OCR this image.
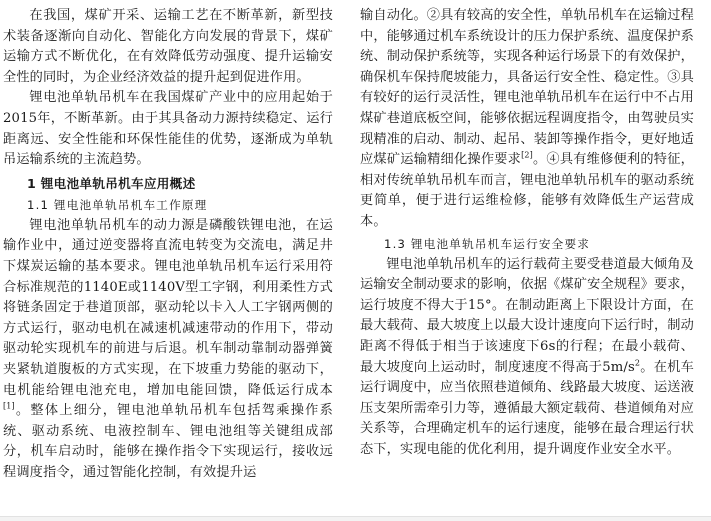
在我国，煤矿开采、运输工艺在不断革新，新型技术装备逐渐向自动化、智能化方向发展的背景下，煤矿运输方式不断优化，在有效降低劳动强度、提升运输安全性的同时，为企业经济效益的提升起到促进作用。

锂电池单轨吊机车在我国煤矿产业中的应用起始于2015年，不断革新。由于其具备动力源持续稳定、运行距离远、安全性能和环保性能佳的优势，逐渐成为单轨吊运输系统的主流趋势。

1 锂电池单轨吊机车应用概述
1.1 锂电池单轨吊机车工作原理

锂电池单轨吊机车的动力源是磷酸铁锂电池，在运输作业中，通过逆变器将直流电转变为交流电，满足井下煤炭运输的基本要求。锂电池单轨吊机车运行采用符合标准规范的1140E或1140V型工字钢，利用柔性方式将链条固定于巷道顶部，驱动轮以卡入人工字钢两侧的方式运行，驱动电机在减速机减速带动的作用下，带动驱动轮实现机车的前进与后退。机车制动靠制动器弹簧夹紧轨道腹板的方式实现，在下坡重力势能的驱动下，电机能给锂电池充电，增加电能回馈，降低运行成本[1]。整体上细分，锂电池单轨吊机车包括驾乘操作系统、驱动系统、电液控制车、锂电池组等关键组成部分，机车启动时，能够在操作指令下实现运行，接收远程调度指令，通过智能化控制，有效提升运

输自动化。②具有较高的安全性，单轨吊机车在运输过程中，能够通过机车系统设计的压力保护系统、温度保护系统、制动保护系统等，实现各种运行场景下的有效保护，确保机车保持爬坡能力，具备运行安全性、稳定性。③具有较好的运行灵活性，锂电池单轨吊机车在运行中不占用煤矿巷道底板空间，能够依据远程调度指令，由驾驶员实现精准的启动、制动、起吊、装卸等操作指令，更好地适应煤矿运输精细化操作要求[2]。④具有维修便利的特征，相对传统单轨吊机车而言，锂电池单轨吊机车的驱动系统更简单，便于进行运维检修，能够有效降低生产运营成本。

1.3 锂电池单轨吊机车运行安全要求

锂电池单轨吊机车的运行载荷主要受巷道最大倾角及运输安全制动要求的影响，依据《煤矿安全规程》要求，运行坡度不得大于15°。在制动距离上下限设计方面，在最大载荷、最大坡度上以最大设计速度向下运行时，制动距离不得低于相当于该速度下6s的行程；在最小载荷、最大坡度向上运动时，制度速度不得高于$5m/s^2$。在机车运行调度中，应当依照巷道倾角、线路最大坡度、运送液压支架所需牵引力等，遵循最大额定载荷、巷道倾角对应关系等，合理确定机车的运行速度，能够在最合理运行状态下，实现电能的优化利用，提升调度作业安全水平。
